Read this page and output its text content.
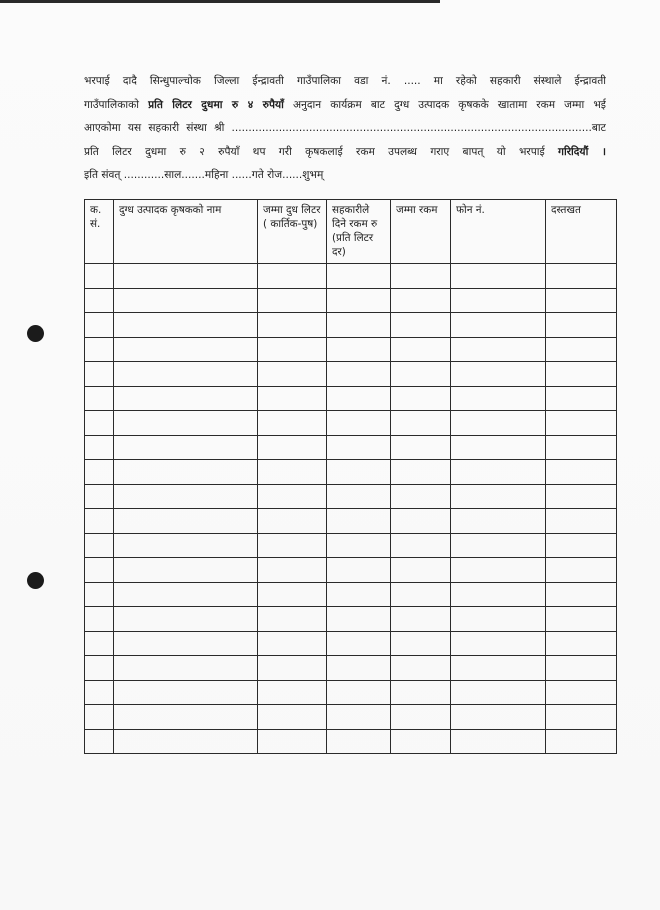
भरपाई दादै सिन्धुपाल्चोक जिल्ला ईन्द्रावती गाउँपालिका वडा नं. ..... मा रहेको सहकारी संस्थाले ईन्द्रावती

गाउँपालिकाको प्रति लिटर दुधमा रु ४ रुपैयाँ अनुदान कार्यक्रम बाट दुग्ध उत्पादक कृषकके खातामा रकम जम्मा भई

आएकोमा यस सहकारी संस्था श्री ...........................................................................................................बाट

प्रति लिटर दुधमा रु २ रुपैयाँ थप गरी कृषकलाई रकम उपलब्ध गराए बापत् यो भरपाई गरिदियौं ।

इति संवत् ............साल.......महिना ......गते रोज......शुभम्

क. सं.	दुग्ध उत्पादक कृषकको नाम	जम्मा दुध लिटर ( कार्तिक-पुष)	सहकारीले दिने रकम रु (प्रति लिटर दर)	जम्मा रकम	फोन नं.	दस्तखत
